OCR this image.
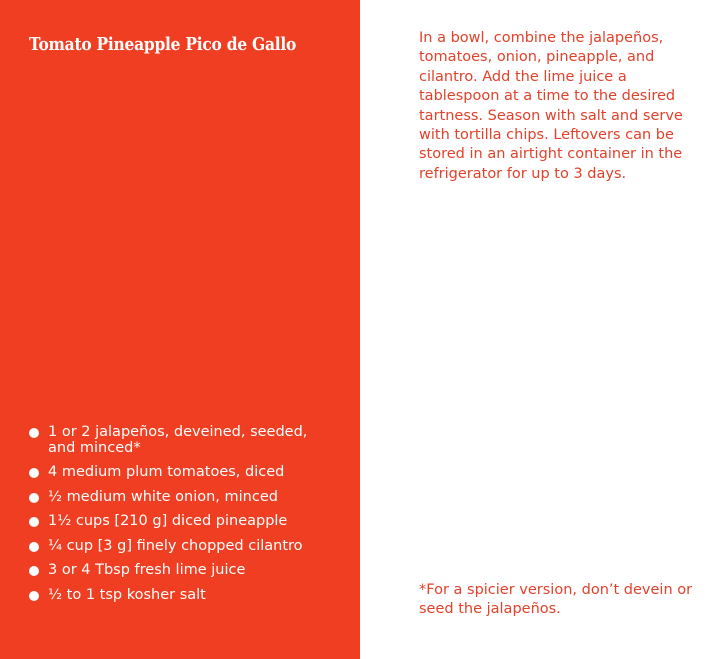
Tomato Pineapple Pico de Gallo
1 or 2 jalapeños, deveined, seeded, and minced*
4 medium plum tomatoes, diced
½ medium white onion, minced
1½ cups [210 g] diced pineapple
¼ cup [3 g] finely chopped cilantro
3 or 4 Tbsp fresh lime juice
½ to 1 tsp kosher salt

In a bowl, combine the jalapeños, tomatoes, onion, pineapple, and cilantro. Add the lime juice a tablespoon at a time to the desired tartness. Season with salt and serve with tortilla chips. Leftovers can be stored in an airtight container in the refrigerator for up to 3 days.

*For a spicier version, don’t devein or seed the jalapeños.
